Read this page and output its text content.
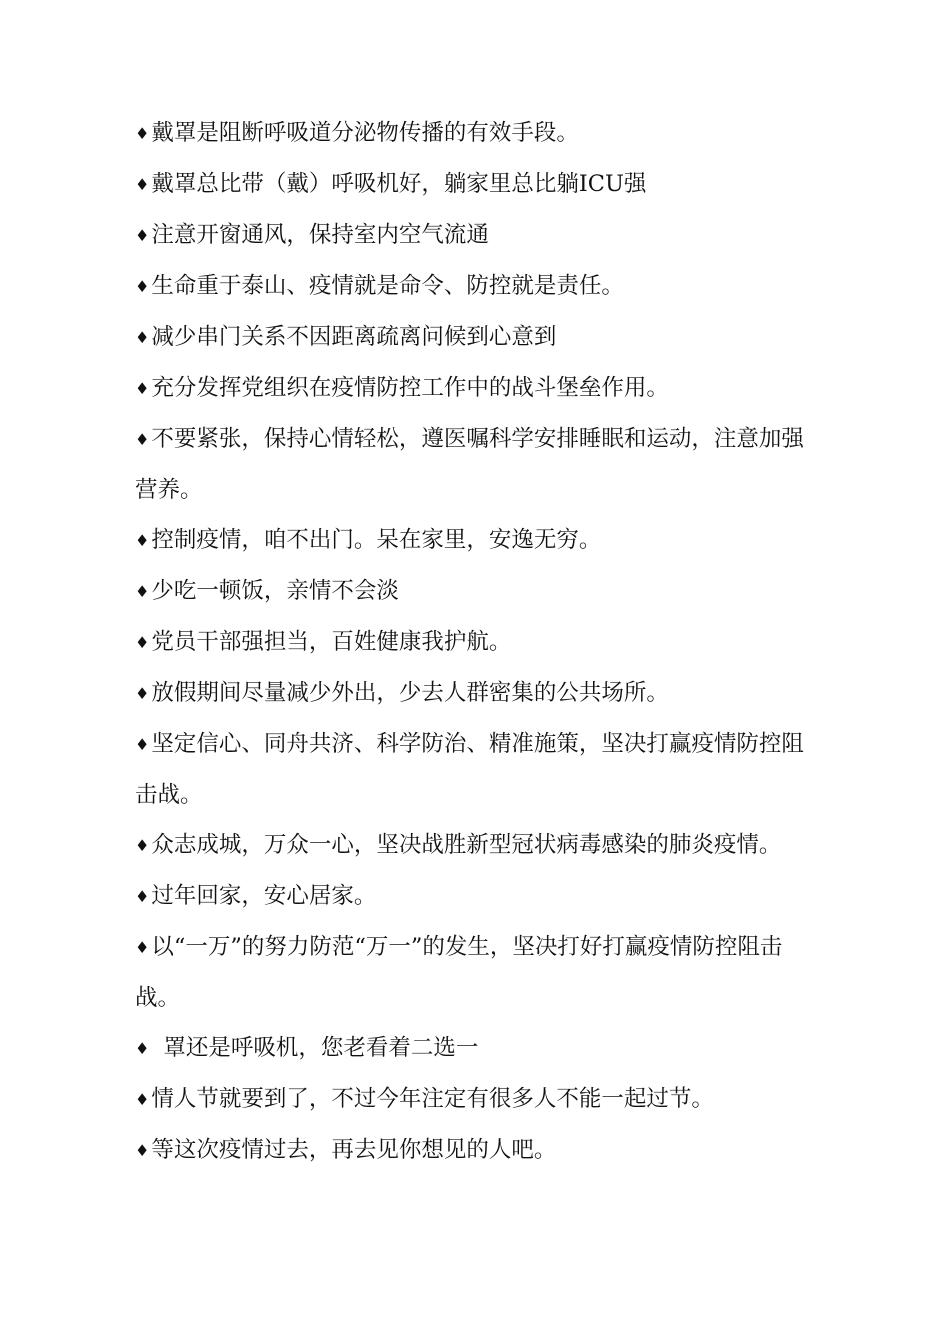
♦戴罩是阻断呼吸道分泌物传播的有效手段。

♦戴罩总比带（戴）呼吸机好，躺家里总比躺ICU强

♦注意开窗通风，保持室内空气流通

♦生命重于泰山、疫情就是命令、防控就是责任。

♦减少串门关系不因距离疏离问候到心意到

♦充分发挥党组织在疫情防控工作中的战斗堡垒作用。

♦不要紧张，保持心情轻松，遵医嘱科学安排睡眠和运动，注意加强营养。

♦控制疫情，咱不出门。呆在家里，安逸无穷。

♦少吃一顿饭，亲情不会淡

♦党员干部强担当，百姓健康我护航。

♦放假期间尽量减少外出，少去人群密集的公共场所。

♦坚定信心、同舟共济、科学防治、精准施策，坚决打赢疫情防控阻击战。

♦众志成城，万众一心，坚决战胜新型冠状病毒感染的肺炎疫情。

♦过年回家，安心居家。

♦以“一万”的努力防范“万一”的发生，坚决打好打赢疫情防控阻击战。

♦ 罩还是呼吸机，您老看着二选一

♦情人节就要到了，不过今年注定有很多人不能一起过节。

♦等这次疫情过去，再去见你想见的人吧。
